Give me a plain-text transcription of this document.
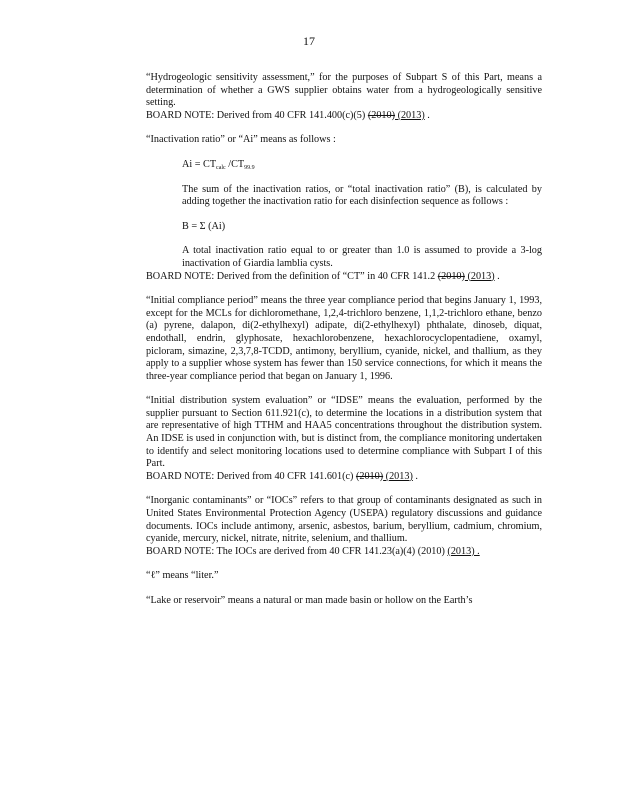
17

“Hydrogeologic sensitivity assessment,” for the purposes of Subpart S of this Part, means a determination of whether a GWS supplier obtains water from a hydrogeologically sensitive setting.

BOARD NOTE: Derived from 40 CFR 141.400(c)(5) (2010) (2013) .

“Inactivation ratio” or “Ai” means as follows :

$Ai = CT_{calc}$ $/CT_{99.9}$

The sum of the inactivation ratios, or “total inactivation ratio” (B), is calculated by adding together the inactivation ratio for each disinfection sequence as follows :

B = Σ (Ai)

A total inactivation ratio equal to or greater than 1.0 is assumed to provide a 3-log inactivation of Giardia lamblia cysts.

BOARD NOTE: Derived from the definition of “CT” in 40 CFR 141.2 (2010) (2013) .

“Initial compliance period” means the three year compliance period that begins January 1, 1993, except for the MCLs for dichloromethane, 1,2,4-trichloro benzene, 1,1,2-trichloro ethane, benzo (a) pyrene, dalapon, di(2-ethylhexyl) adipate, di(2-ethylhexyl) phthalate, dinoseb, diquat, endothall, endrin, glyphosate, hexachlorobenzene, hexachlorocyclopentadiene, oxamyl, picloram, simazine, 2,3,7,8-TCDD, antimony, beryllium, cyanide, nickel, and thallium, as they apply to a supplier whose system has fewer than 150 service connections, for which it means the three-year compliance period that began on January 1, 1996.

“Initial distribution system evaluation” or “IDSE” means the evaluation, performed by the supplier pursuant to Section 611.921(c), to determine the locations in a distribution system that are representative of high TTHM and HAA5 concentrations throughout the distribution system. An IDSE is used in conjunction with, but is distinct from, the compliance monitoring undertaken to identify and select monitoring locations used to determine compliance with Subpart I of this Part.

BOARD NOTE: Derived from 40 CFR 141.601(c) (2010) (2013) .

“Inorganic contaminants” or “IOCs” refers to that group of contaminants designated as such in United States Environmental Protection Agency (USEPA) regulatory discussions and guidance documents. IOCs include antimony, arsenic, asbestos, barium, beryllium, cadmium, chromium, cyanide, mercury, nickel, nitrate, nitrite, selenium, and thallium.

BOARD NOTE: The IOCs are derived from 40 CFR 141.23(a)(4) (2010) (2013) .

“ℓ” means “liter.”

“Lake or reservoir” means a natural or man made basin or hollow on the Earth’s
